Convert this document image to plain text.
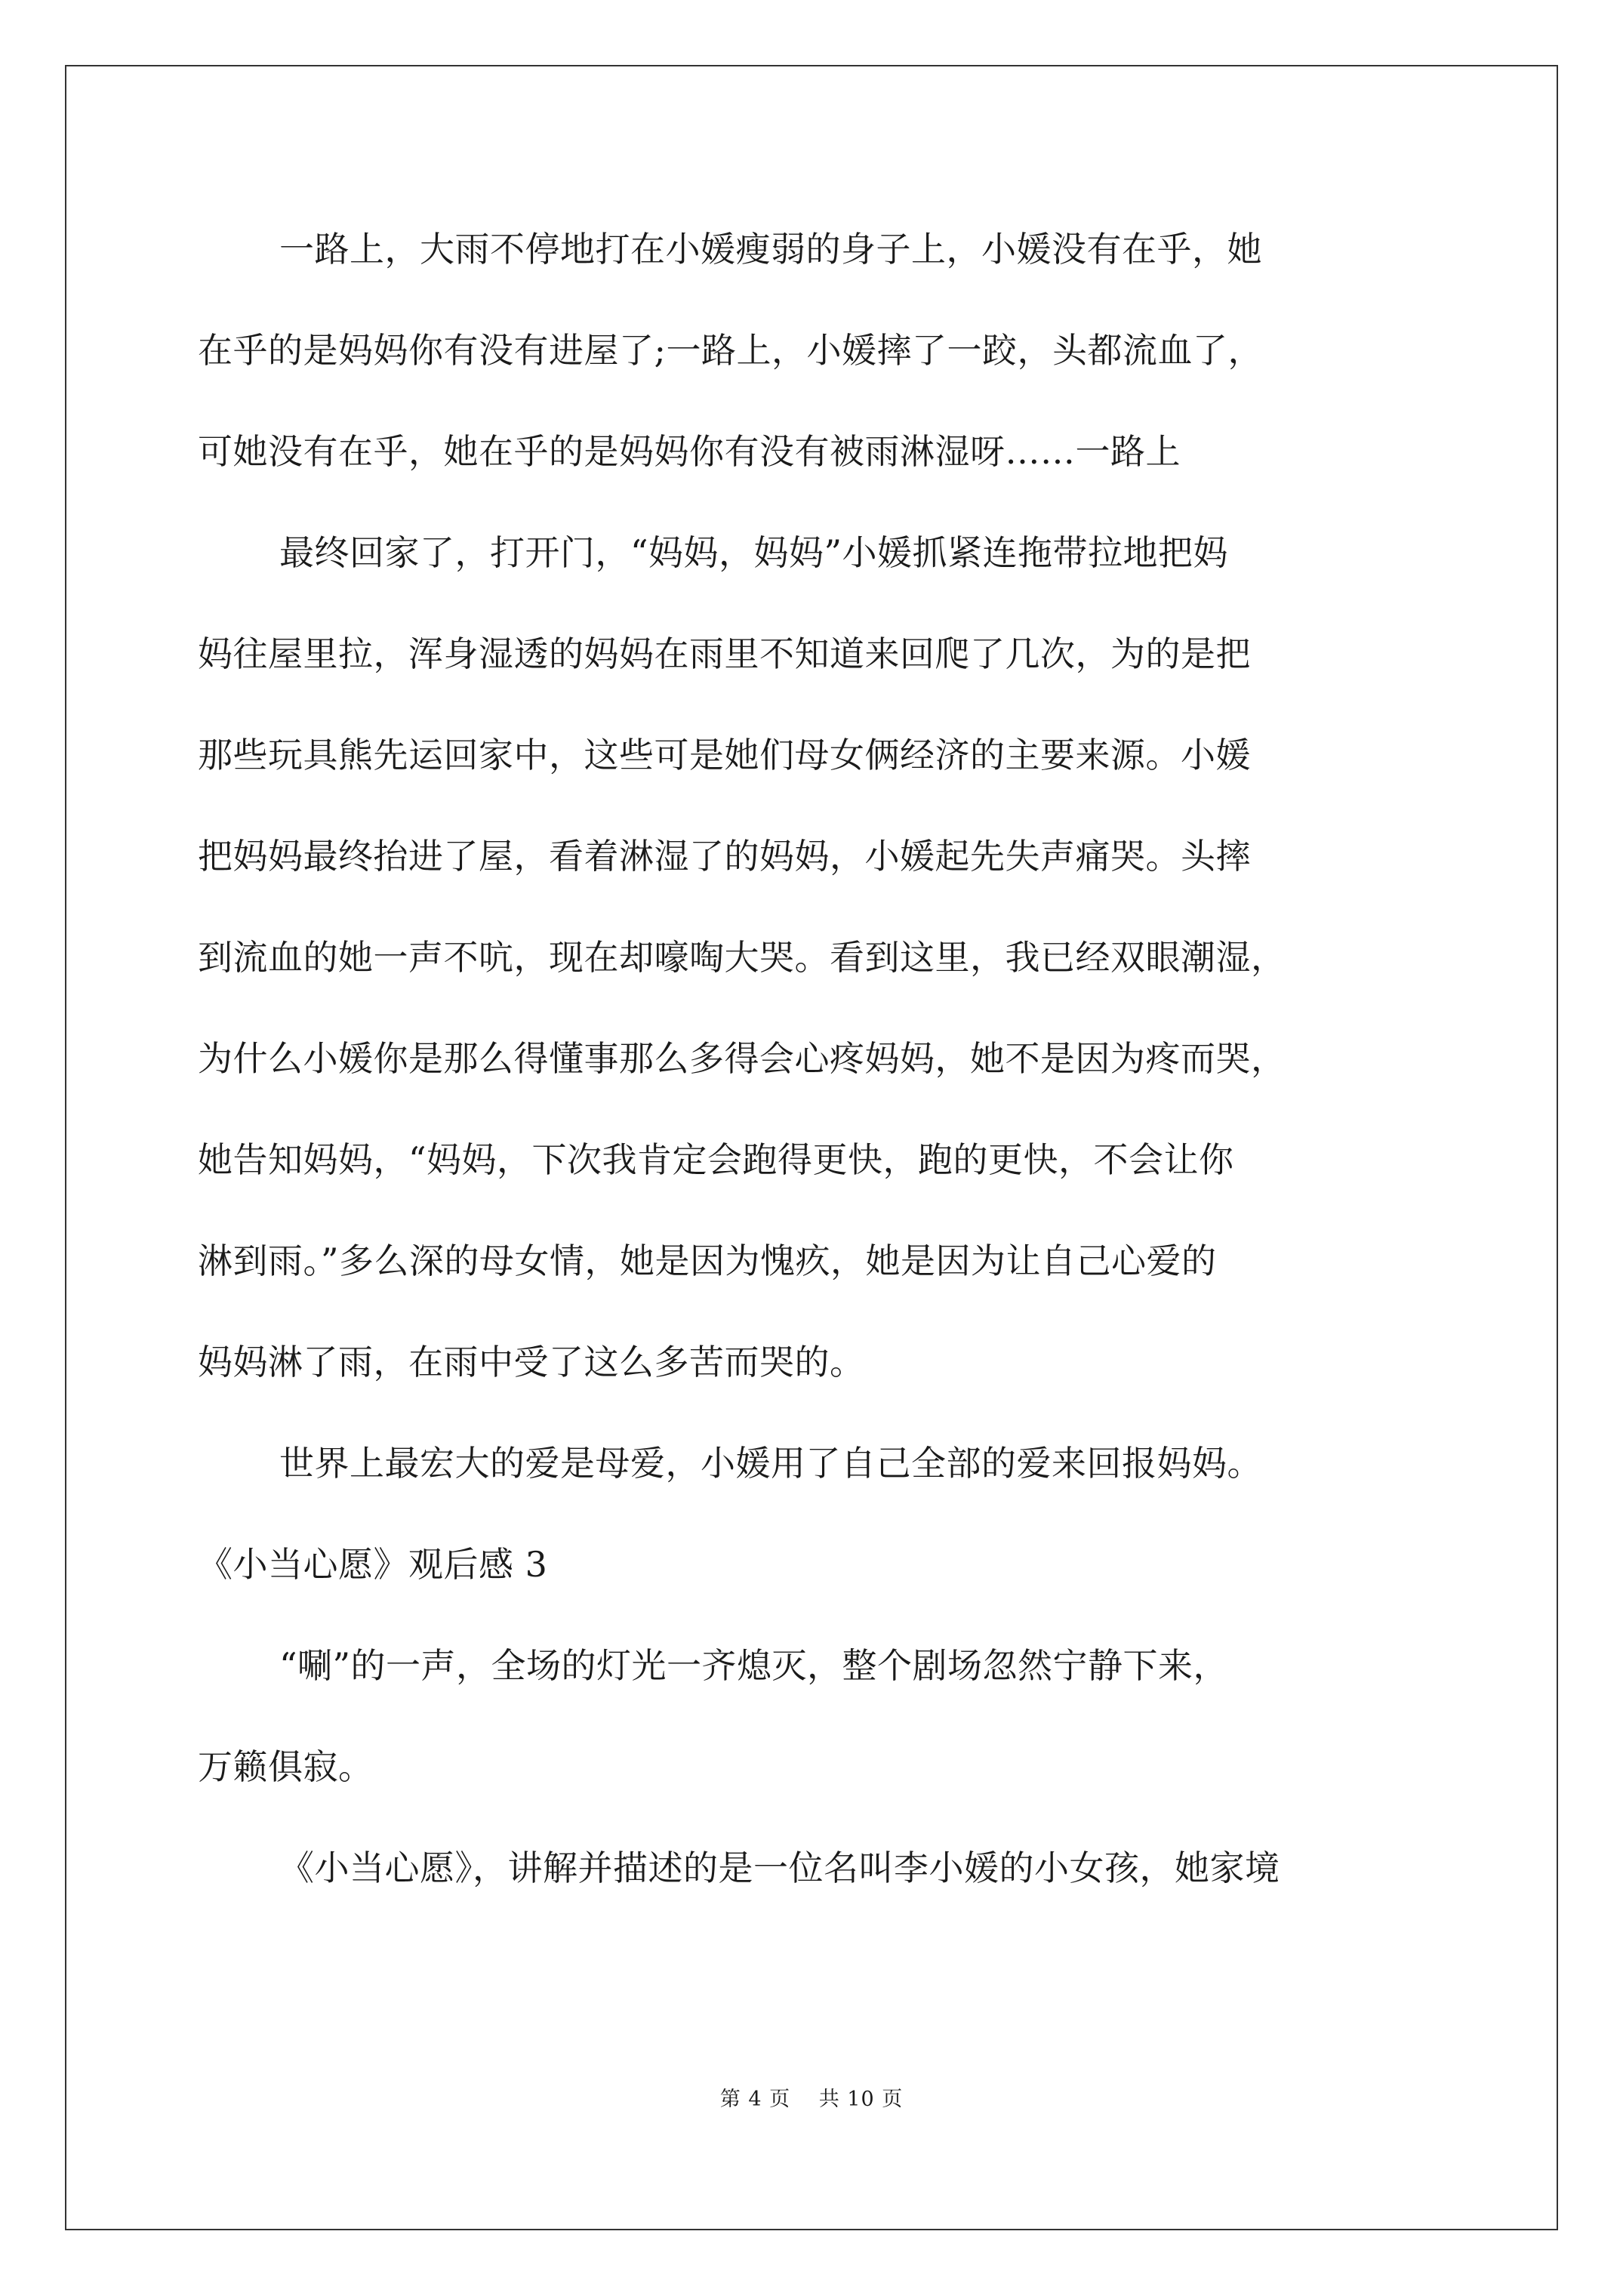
一路上，大雨不停地打在小媛瘦弱的身子上，小媛没有在乎，她
在乎的是妈妈你有没有进屋了;一路上，小媛摔了一跤，头都流血了，
可她没有在乎，她在乎的是妈妈你有没有被雨淋湿呀……一路上
最终回家了，打开门，“妈妈，妈妈”小媛抓紧连拖带拉地把妈
妈往屋里拉，浑身湿透的妈妈在雨里不知道来回爬了几次，为的是把
那些玩具熊先运回家中，这些可是她们母女俩经济的主要来源。小媛
把妈妈最终抬进了屋，看着淋湿了的妈妈，小媛起先失声痛哭。头摔
到流血的她一声不吭，现在却嚎啕大哭。看到这里，我已经双眼潮湿，
为什么小媛你是那么得懂事那么多得会心疼妈妈，她不是因为疼而哭，
她告知妈妈，“妈妈，下次我肯定会跑得更快，跑的更快，不会让你
淋到雨。”多么深的母女情，她是因为愧疚，她是因为让自己心爱的
妈妈淋了雨，在雨中受了这么多苦而哭的。
世界上最宏大的爱是母爱，小媛用了自己全部的爱来回报妈妈。
《小当心愿》观后感 3
“唰”的一声，全场的灯光一齐熄灭，整个剧场忽然宁静下来，
万籁俱寂。
《小当心愿》，讲解并描述的是一位名叫李小媛的小女孩，她家境
第 4 页　 共 10 页
